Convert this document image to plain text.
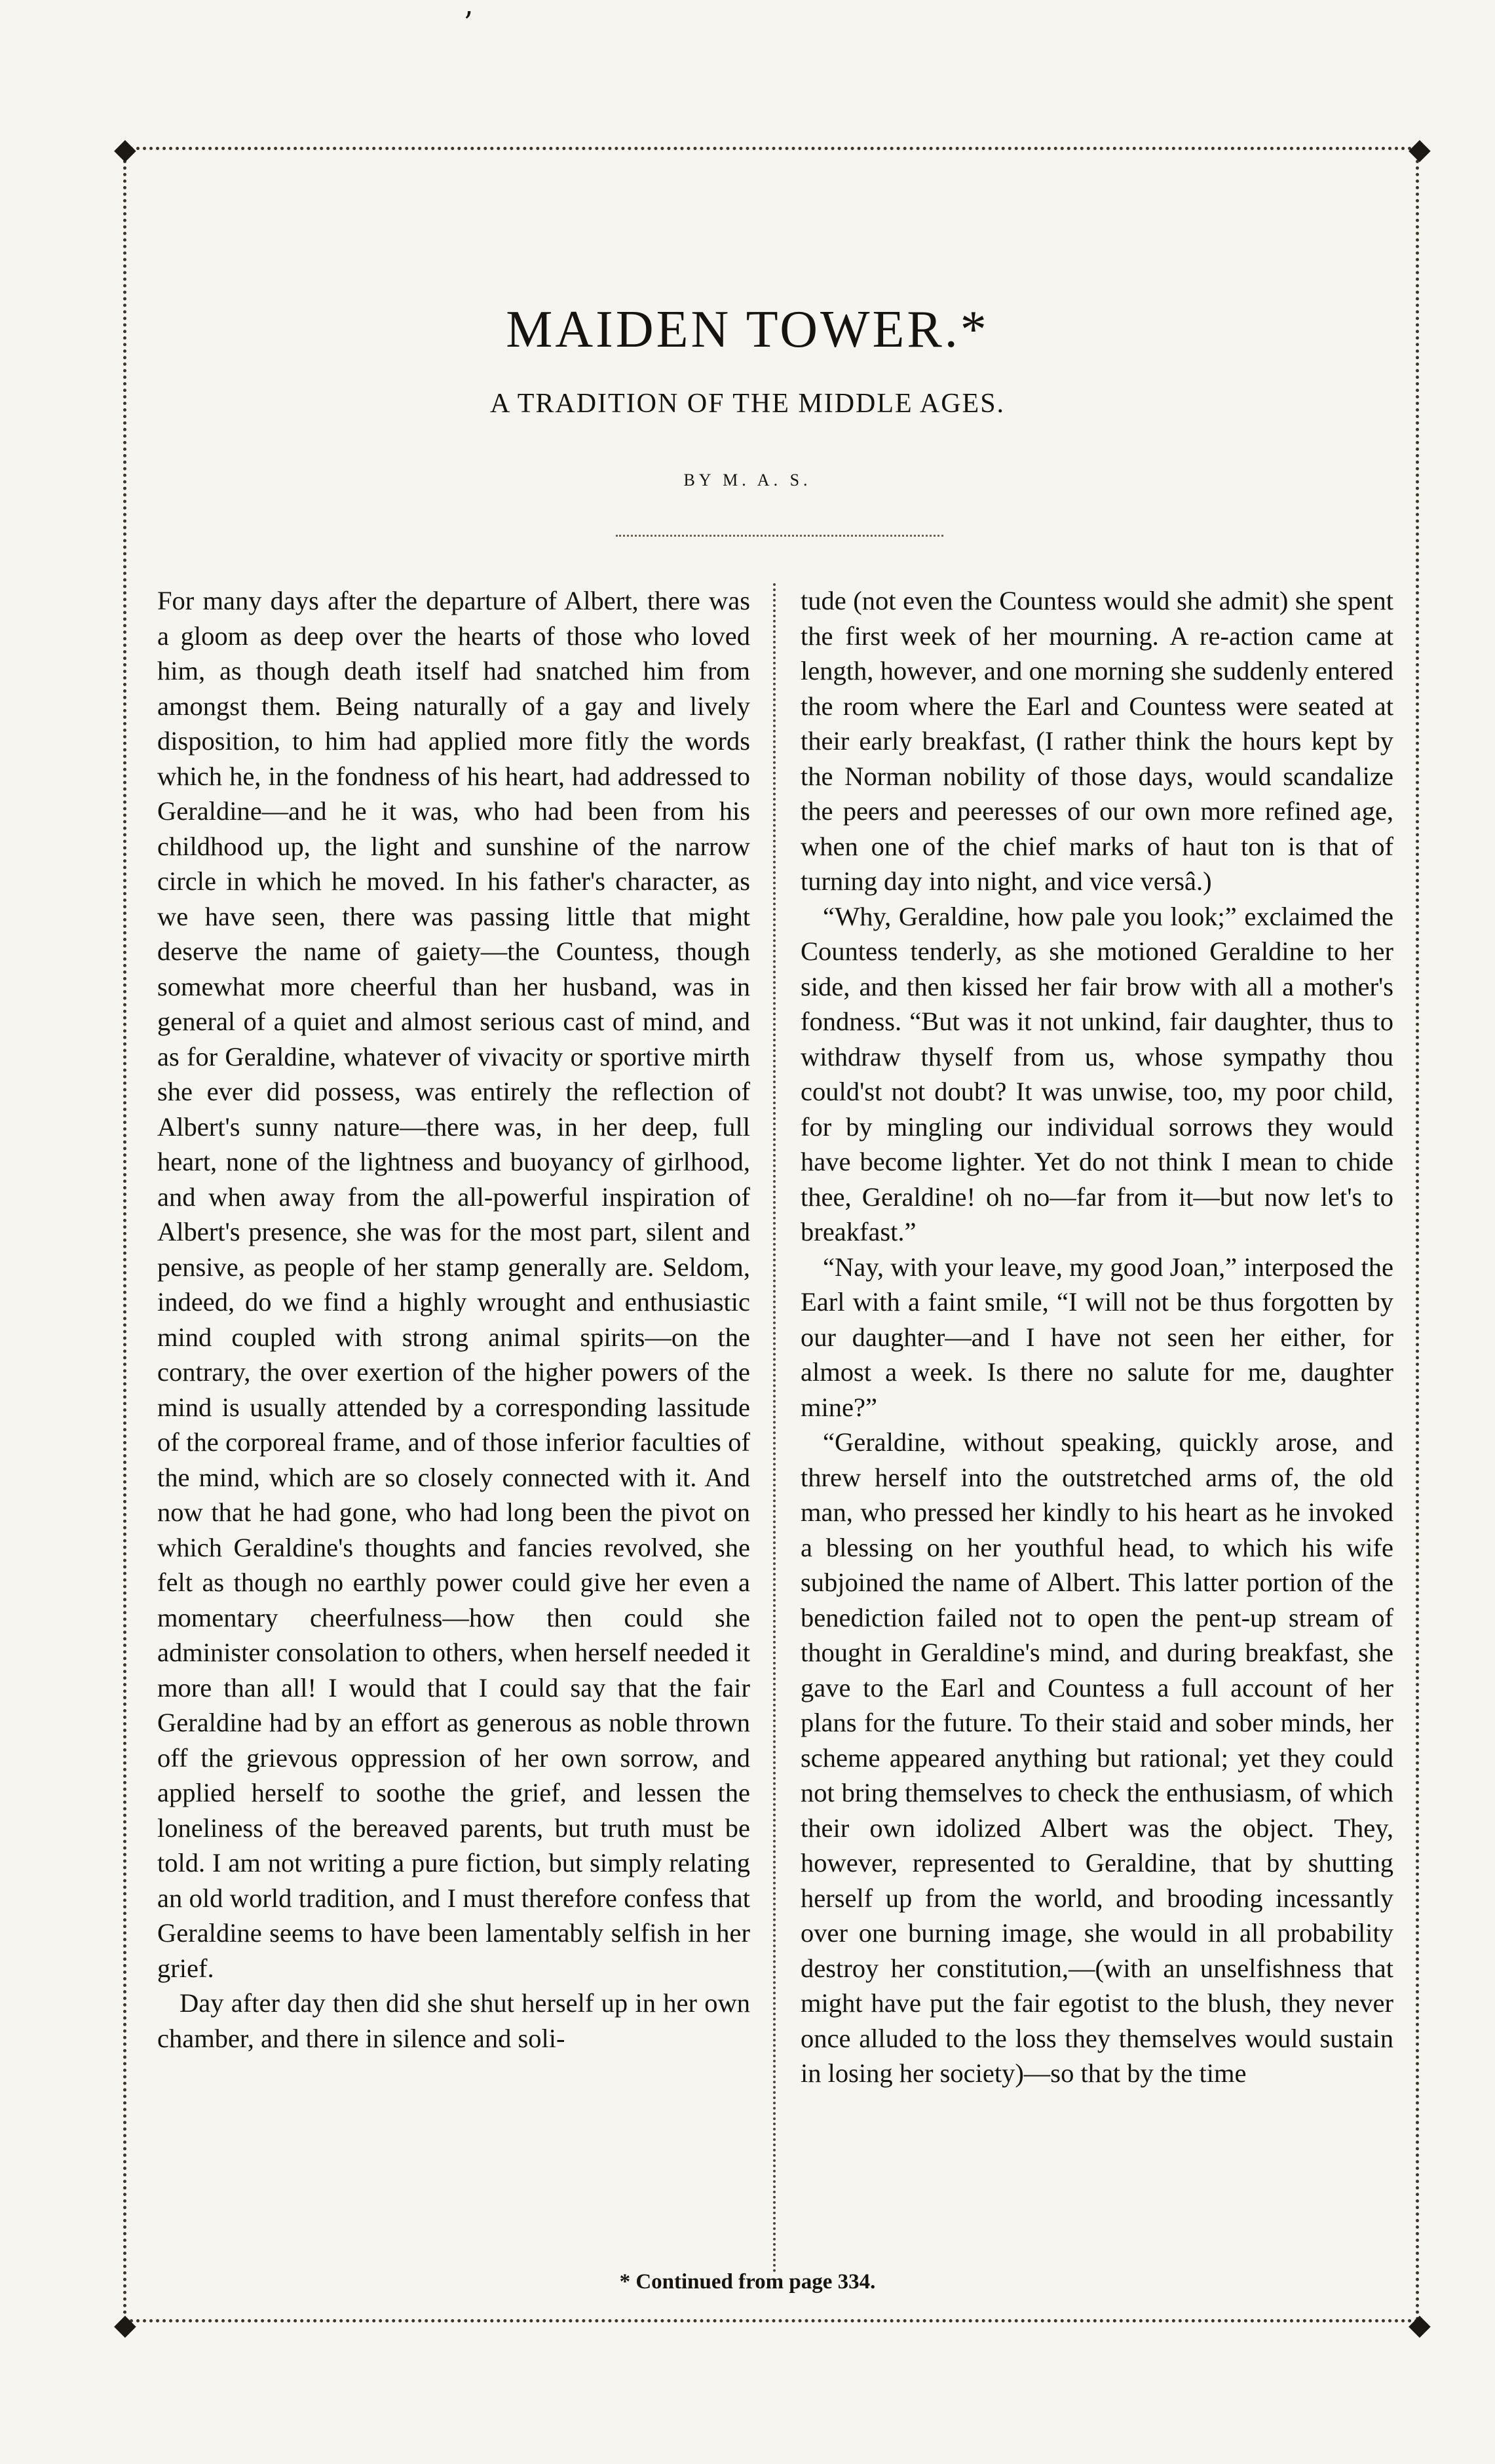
◆	◆
◆	◆
ʼ
MAIDEN TOWER.*
A TRADITION OF THE MIDDLE AGES.
BY M. A. S.

For many days after the departure of Albert, there was a gloom as deep over the hearts of those who loved him, as though death itself had snatched him from amongst them. Being naturally of a gay and lively disposition, to him had applied more fitly the words which he, in the fondness of his heart, had addressed to Geraldine—and he it was, who had been from his childhood up, the light and sunshine of the narrow circle in which he moved. In his father's character, as we have seen, there was passing little that might deserve the name of gaiety—the Countess, though somewhat more cheerful than her husband, was in general of a quiet and almost serious cast of mind, and as for Geraldine, whatever of vivacity or sportive mirth she ever did possess, was entirely the reflection of Albert's sunny nature—there was, in her deep, full heart, none of the lightness and buoyancy of girlhood, and when away from the all-powerful inspiration of Albert's presence, she was for the most part, silent and pensive, as people of her stamp generally are. Seldom, indeed, do we find a highly wrought and enthusiastic mind coupled with strong animal spirits—on the contrary, the over exertion of the higher powers of the mind is usually attended by a corresponding lassitude of the corporeal frame, and of those inferior faculties of the mind, which are so closely connected with it. And now that he had gone, who had long been the pivot on which Geraldine's thoughts and fancies revolved, she felt as though no earthly power could give her even a momentary cheerfulness—how then could she administer consolation to others, when herself needed it more than all! I would that I could say that the fair Geraldine had by an effort as generous as noble thrown off the grievous oppression of her own sorrow, and applied herself to soothe the grief, and lessen the loneliness of the bereaved parents, but truth must be told. I am not writing a pure fiction, but simply relating an old world tradition, and I must therefore confess that Geraldine seems to have been lamentably selfish in her grief.

Day after day then did she shut herself up in her own chamber, and there in silence and soli-

tude (not even the Countess would she admit) she spent the first week of her mourning. A re-action came at length, however, and one morning she suddenly entered the room where the Earl and Countess were seated at their early breakfast, (I rather think the hours kept by the Norman nobility of those days, would scandalize the peers and peeresses of our own more refined age, when one of the chief marks of haut ton is that of turning day into night, and vice versâ.)

“Why, Geraldine, how pale you look;” exclaimed the Countess tenderly, as she motioned Geraldine to her side, and then kissed her fair brow with all a mother's fondness. “But was it not unkind, fair daughter, thus to withdraw thyself from us, whose sympathy thou could'st not doubt? It was unwise, too, my poor child, for by mingling our individual sorrows they would have become lighter. Yet do not think I mean to chide thee, Geraldine! oh no—far from it—but now let's to breakfast.”

“Nay, with your leave, my good Joan,” interposed the Earl with a faint smile, “I will not be thus forgotten by our daughter—and I have not seen her either, for almost a week. Is there no salute for me, daughter mine?”

“Geraldine, without speaking, quickly arose, and threw herself into the outstretched arms of, the old man, who pressed her kindly to his heart as he invoked a blessing on her youthful head, to which his wife subjoined the name of Albert. This latter portion of the benediction failed not to open the pent-up stream of thought in Geraldine's mind, and during breakfast, she gave to the Earl and Countess a full account of her plans for the future. To their staid and sober minds, her scheme appeared anything but rational; yet they could not bring themselves to check the enthusiasm, of which their own idolized Albert was the object. They, however, represented to Geraldine, that by shutting herself up from the world, and brooding incessantly over one burning image, she would in all probability destroy her constitution,—(with an unselfishness that might have put the fair egotist to the blush, they never once alluded to the loss they themselves would sustain in losing her society)—so that by the time

* Continued from page 334.
